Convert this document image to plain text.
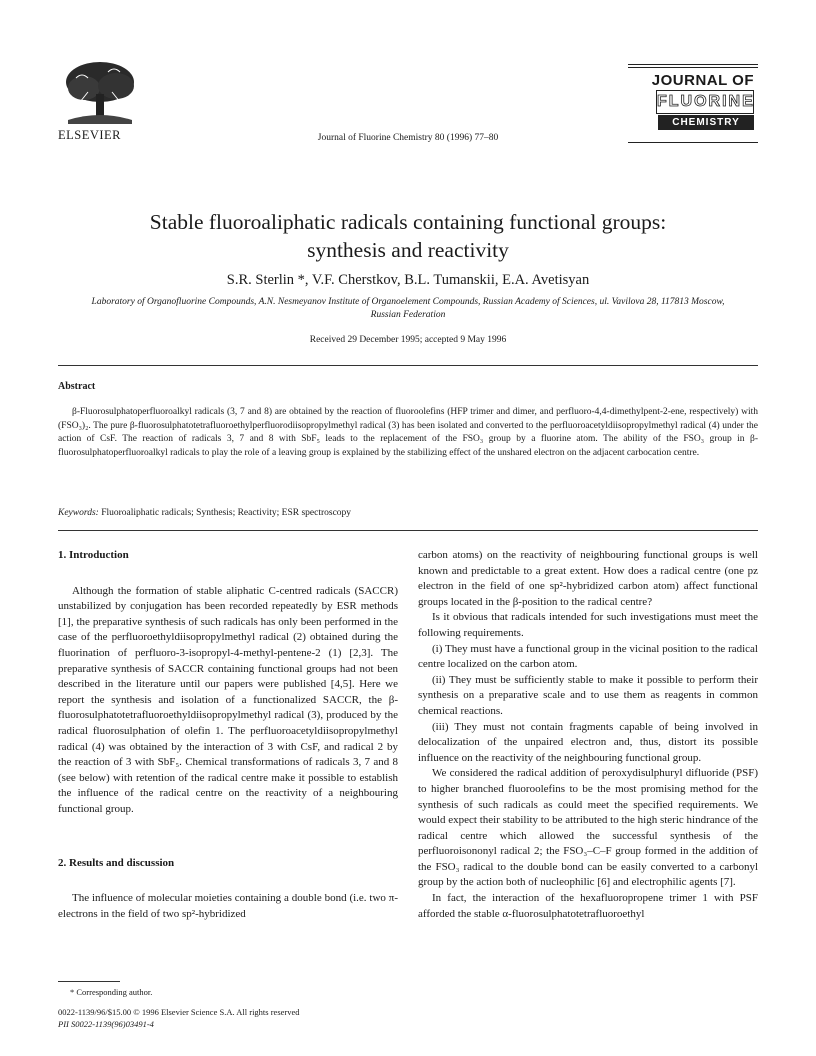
ELSEVIER	Journal of Fluorine Chemistry 80 (1996) 77–80
JOURNAL OF
FLUORINE
CHEMISTRY
Stable fluoroaliphatic radicals containing functional groups:
synthesis and reactivity
S.R. Sterlin *, V.F. Cherstkov, B.L. Tumanskii, E.A. Avetisyan
Laboratory of Organofluorine Compounds, A.N. Nesmeyanov Institute of Organoelement Compounds, Russian Academy of Sciences, ul. Vavilova 28, 117813 Moscow, Russian Federation
Received 29 December 1995; accepted 9 May 1996
Abstract
β-Fluorosulphatoperfluoroalkyl radicals (3, 7 and 8) are obtained by the reaction of fluoroolefins (HFP trimer and dimer, and perfluoro-4,4-dimethylpent-2-ene, respectively) with (FSO₃)₂. The pure β-fluorosulphatotetrafluoroethylperfluorodiisopropylmethyl radical (3) has been isolated and converted to the perfluoroacetyldiisopropylmethyl radical (4) under the action of CsF. The reaction of radicals 3, 7 and 8 with SbF₅ leads to the replacement of the FSO₃ group by a fluorine atom. The ability of the FSO₃ group in β-fluorosulphatoperfluoroalkyl radicals to play the role of a leaving group is explained by the stabilizing effect of the unshared electron on the adjacent carbocation centre.
Keywords: Fluoroaliphatic radicals; Synthesis; Reactivity; ESR spectroscopy

1. Introduction

Although the formation of stable aliphatic C-centred radicals (SACCR) unstabilized by conjugation has been recorded repeatedly by ESR methods [1], the preparative synthesis of such radicals has only been performed in the case of the perfluoroethyldiisopropylmethyl radical (2) obtained during the fluorination of perfluoro-3-isopropyl-4-methyl-pentene-2 (1) [2,3]. The preparative synthesis of SACCR containing functional groups had not been described in the literature until our papers were published [4,5]. Here we report the synthesis and isolation of a functionalized SACCR, the β-fluorosulphatotetrafluoroethyldiisopropylmethyl radical (3), produced by the radical fluorosulphation of olefin 1. The perfluoroacetyldiisopropylmethyl radical (4) was obtained by the interaction of 3 with CsF, and radical 2 by the reaction of 3 with SbF₅. Chemical transformations of radicals 3, 7 and 8 (see below) with retention of the radical centre make it possible to establish the influence of the radical centre on the reactivity of a neighbouring functional group.

2. Results and discussion

The influence of molecular moieties containing a double bond (i.e. two π-electrons in the field of two sp²-hybridized

carbon atoms) on the reactivity of neighbouring functional groups is well known and predictable to a great extent. How does a radical centre (one pz electron in the field of one sp²-hybridized carbon atom) affect functional groups located in the β-position to the radical centre?

Is it obvious that radicals intended for such investigations must meet the following requirements.

(i) They must have a functional group in the vicinal position to the radical centre localized on the carbon atom.

(ii) They must be sufficiently stable to make it possible to perform their synthesis on a preparative scale and to use them as reagents in common chemical reactions.

(iii) They must not contain fragments capable of being involved in delocalization of the unpaired electron and, thus, distort its possible influence on the reactivity of the neighbouring functional group.

We considered the radical addition of peroxydisulphuryl difluoride (PSF) to higher branched fluoroolefins to be the most promising method for the synthesis of such radicals as could meet the specified requirements. We would expect their stability to be attributed to the high steric hindrance of the radical centre which allowed the successful synthesis of the perfluoroisononyl radical 2; the FSO₃–C–F group formed in the addition of the FSO₃ radical to the double bond can be easily converted to a carbonyl group by the action both of nucleophilic [6] and electrophilic agents [7].

In fact, the interaction of the hexafluoropropene trimer 1 with PSF afforded the stable α-fluorosulphatotetrafluoroethyl

* Corresponding author.

0022-1139/96/$15.00 © 1996 Elsevier Science S.A. All rights reserved

PII S0022-1139(96)03491-4
